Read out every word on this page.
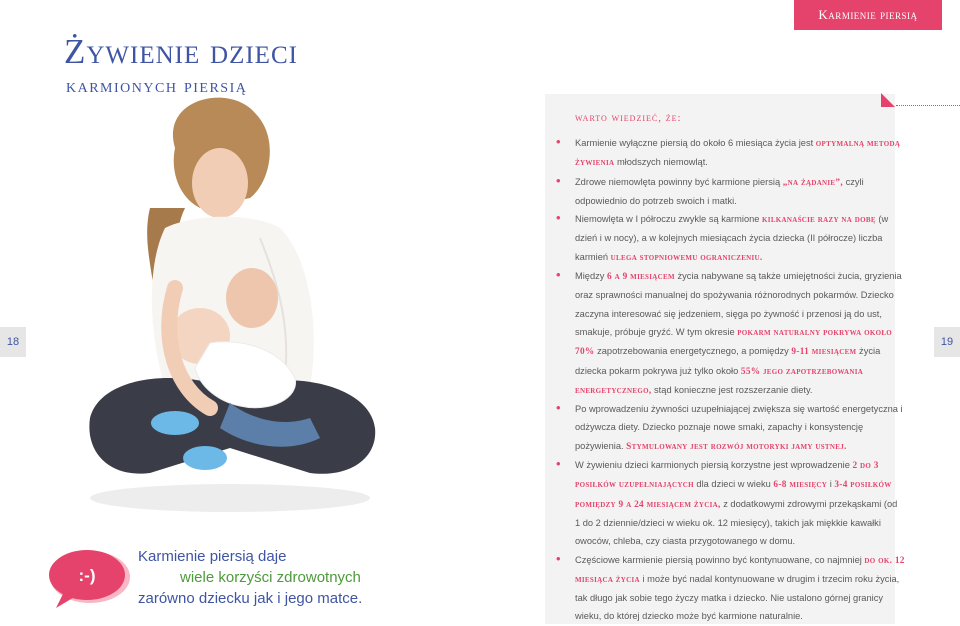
Karmienie piersią
Żywienie dzieci
karmionych piersią
18	19
:-)
Karmienie piersią daje
wiele korzyści zdrowotnych
zarówno dziecku jak i jego matce.
warto wiedzieć, że:
• Karmienie wyłączne piersią do około 6 miesiąca życia jest optymalną metodą żywienia młodszych niemowląt.
• Zdrowe niemowlęta powinny być karmione piersią „na żądanie”, czyli odpowiednio do potrzeb swoich i matki.
• Niemowlęta w I półroczu zwykle są karmione kilkanaście razy na dobę (w dzień i w nocy), a w kolejnych miesiącach życia dziecka (II półrocze) liczba karmień ulega stopniowemu ograniczeniu.
• Między 6 a 9 miesiącem życia nabywane są także umiejętności żucia, gryzienia oraz sprawności manualnej do spożywania różnorodnych pokarmów. Dziecko zaczyna interesować się jedzeniem, sięga po żywność i przenosi ją do ust, smakuje, próbuje gryźć. W tym okresie pokarm naturalny pokrywa około 70% zapotrzebowania energetycznego, a pomiędzy 9-11 miesiącem życia dziecka pokarm pokrywa już tylko około 55% jego zapotrzebowania energetycznego, stąd konieczne jest rozszerzanie diety.
• Po wprowadzeniu żywności uzupełniającej zwiększa się wartość energetyczna i odżywcza diety. Dziecko poznaje nowe smaki, zapachy i konsystencję pożywienia. Stymulowany jest rozwój motoryki jamy ustnej.
• W żywieniu dzieci karmionych piersią korzystne jest wprowadzenie 2 do 3 posiłków uzupełniających dla dzieci w wieku 6-8 miesięcy i 3-4 posiłków pomiędzy 9 a 24 miesiącem życia, z dodatkowymi zdrowymi przekąskami (od 1 do 2 dziennie/dzieci w wieku ok. 12 miesięcy), takich jak miękkie kawałki owoców, chleba, czy ciasta przygotowanego w domu.
• Częściowe karmienie piersią powinno być kontynuowane, co najmniej do ok. 12 miesiąca życia i może być nadal kontynuowane w drugim i trzecim roku życia, tak długo jak sobie tego życzy matka i dziecko. Nie ustalono górnej granicy wieku, do której dziecko może być karmione naturalnie.
